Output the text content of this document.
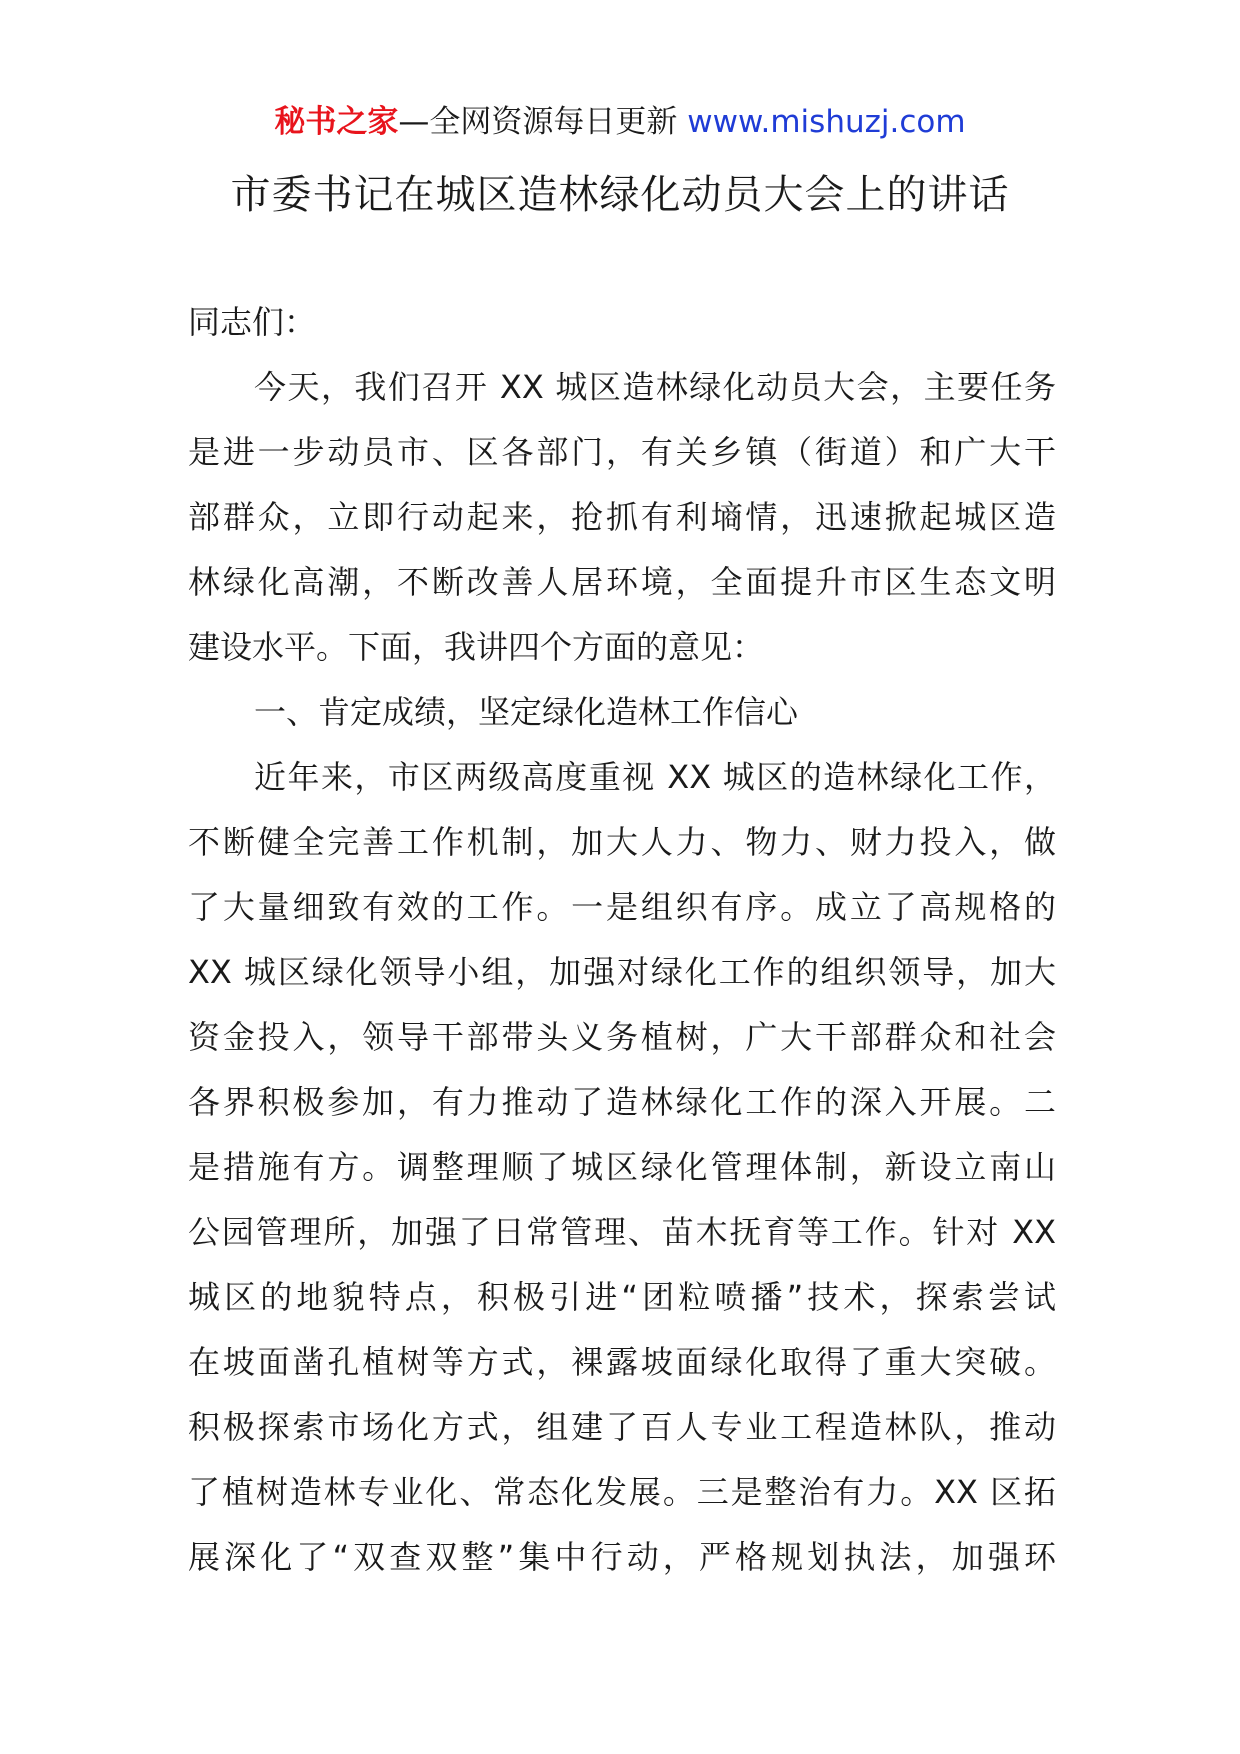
秘书之家—全网资源每日更新 www.mishuzj.com
市委书记在城区造林绿化动员大会上的讲话
同志们：
今天，我们召开 XX 城区造林绿化动员大会，主要任务
是进一步动员市、区各部门，有关乡镇（街道）和广大干
部群众，立即行动起来，抢抓有利墒情，迅速掀起城区造
林绿化高潮，不断改善人居环境，全面提升市区生态文明
建设水平。下面，我讲四个方面的意见：
一、肯定成绩，坚定绿化造林工作信心
近年来，市区两级高度重视 XX 城区的造林绿化工作，
不断健全完善工作机制，加大人力、物力、财力投入，做
了大量细致有效的工作。一是组织有序。成立了高规格的
XX 城区绿化领导小组，加强对绿化工作的组织领导，加大
资金投入，领导干部带头义务植树，广大干部群众和社会
各界积极参加，有力推动了造林绿化工作的深入开展。二
是措施有方。调整理顺了城区绿化管理体制，新设立南山
公园管理所，加强了日常管理、苗木抚育等工作。针对 XX
城区的地貌特点，积极引进“团粒喷播”技术，探索尝试
在坡面凿孔植树等方式，裸露坡面绿化取得了重大突破。
积极探索市场化方式，组建了百人专业工程造林队，推动
了植树造林专业化、常态化发展。三是整治有力。XX 区拓
展深化了“双查双整”集中行动，严格规划执法，加强环
